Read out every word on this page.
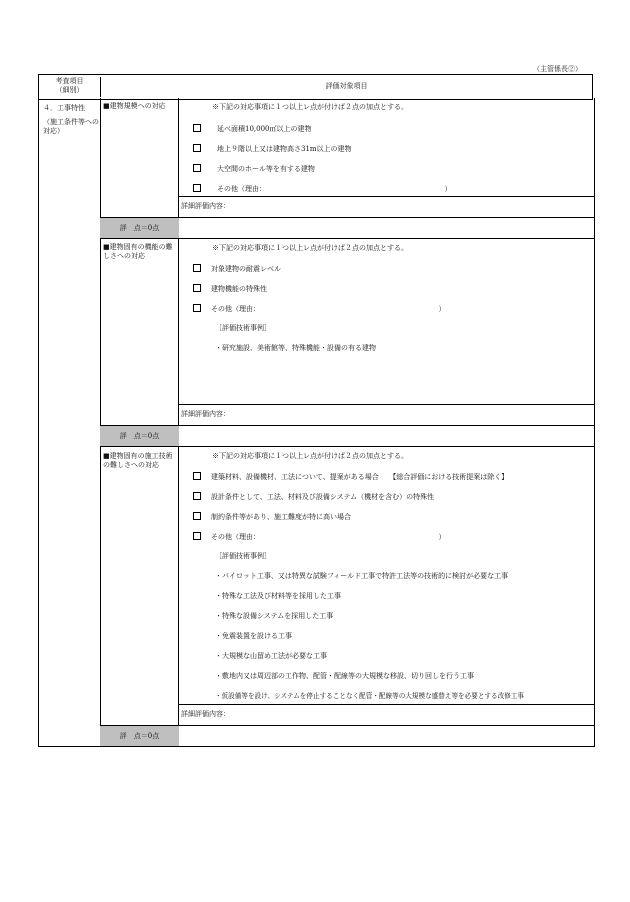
（主管係長②）
考査項目
（細別）	評価対象項目
４．工事特性
（施工条件等への対応）
■建物規模への対応	※下記の対応事項に１つ以上レ点が付けば２点の加点とする。
延べ面積10,000㎡以上の建物
地上９階以上又は建物高さ31m以上の建物
大空間のホール等を有する建物
その他（理由：　　　　　　　　　　　　　　　　　　　　　　　　　　）
詳細評価内容：
評　点＝0点
■建物固有の機能の難しさへの対応
※下記の対応事項に１つ以上レ点が付けば２点の加点とする。
対象建物の耐震レベル
建物機能の特殊性
その他（理由：　　　　　　　　　　　　　　　　　　　　　　　　　　）
［評価技術事例］
・研究施設、美術館等、特殊機能・設備の有る建物
詳細評価内容：
評　点＝0点
■建物固有の施工技術の難しさへの対応
※下記の対応事項に１つ以上レ点が付けば２点の加点とする。
建築材料、設備機材、工法について、提案がある場合　　【総合評価における技術提案は除く】
設計条件として、工法、材料及び設備システム（機材を含む）の特殊性
制約条件等があり、施工難度が特に高い場合
その他（理由：　　　　　　　　　　　　　　　　　　　　　　　　　　）
［評価技術事例］
・パイロット工事、又は特異な試験フィールド工事で特許工法等の技術的に検討が必要な工事
・特殊な工法及び材料等を採用した工事
・特殊な設備システムを採用した工事
・免震装置を設ける工事
・大規模な山留め工法が必要な工事
・敷地内又は周辺部の工作物、配管・配線等の大規模な移設、切り回しを行う工事
・仮設備等を設け、システムを停止することなく配管・配線等の大規模な盛替え等を必要とする改修工事
詳細評価内容：
評　点＝0点
